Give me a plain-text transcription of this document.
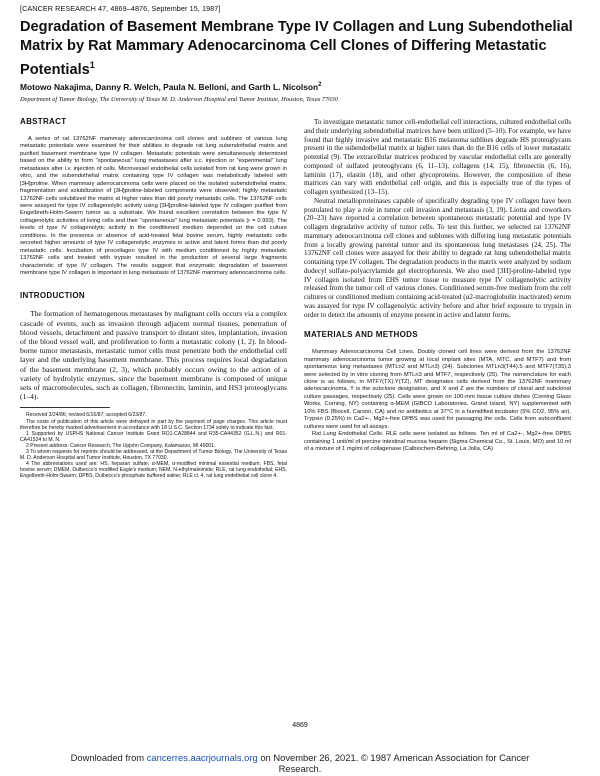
[CANCER RESEARCH 47, 4869–4876, September 15, 1987]
Degradation of Basement Membrane Type IV Collagen and Lung Subendothelial Matrix by Rat Mammary Adenocarcinoma Cell Clones of Differing Metastatic Potentials$^1$
Motowo Nakajima, Danny R. Welch, Paula N. Belloni, and Garth L. Nicolson$^2$
Department of Tumor Biology, The University of Texas M. D. Anderson Hospital and Tumor Institute, Houston, Texas 77030
ABSTRACT

A series of rat 13762NF mammary adenocarcinoma cell clones and sublines of various lung metastatic potentials were examined for their abilities to degrade rat lung subendothelial matrix and purified basement membrane type IV collagen. Metastatic potentials were simultaneously determined based on the ability to form "spontaneous" lung metastases after s.c. injection or "experimental" lung metastases after i.v. injection of cells. Microvessel endothelial cells isolated from rat lung were grown in vitro, and the subendothelial matrix containing type IV collagen was metabolically labeled with [3H]proline. When mammary adenocarcinoma cells were placed on the isolated subendothelial matrix, fragmentation and solubilization of [3H]proline-labeled components were observed; highly metastatic 13762NF cells solubilized the matrix at higher rates than did poorly metastatic cells. The 13762NF cells were assayed for type IV collagenolytic activity using [3H]proline-labeled type IV collagen purified from Engelbreth-Holm-Swarm tumor as a substrate. We found excellent correlation between the type IV collagenolytic activities of living cells and their "spontaneous" lung metastatic potentials (r = 0.993). The levels of type IV collagenolytic activity in the conditioned medium depended on the cell culture conditions. In the presence or absence of acid-treated fetal bovine serum, highly metastatic cells secreted higher amounts of type IV collagenolytic enzymes in active and latent forms than did poorly metastatic cells. Incubation of procollagen type IV with medium conditioned by highly metastatic 13762NF cells and treated with trypsin resulted in the production of several large fragments characteristic of type IV collagen. The results suggest that enzymatic degradation of basement membrane type IV collagen is important in lung metastasis of 13762NF mammary adenocarcinoma cells.

INTRODUCTION

The formation of hematogenous metastases by malignant cells occurs via a complex cascade of events, such as invasion through adjacent normal tissues, penetration of blood vessels, detachment and passive transport to distant sites, implantation, invasion of the blood vessel wall, and proliferation to form a metastatic colony (1, 2). In blood-borne tumor metastasis, metastatic tumor cells must penetrate both the endothelial cell layer and the underlying basement membrane. This process requires local degradation of the basement membrane (2, 3), which probably occurs owing to the action of a variety of hydrolytic enzymes, since the basement membrane is composed of unique sets of macromolecules, such as collagen, fibronectin, laminin, and HS3 proteoglycans (1–4).

Received 3/24/86; revised 6/16/87; accepted 6/23/87.

The costs of publication of this article were defrayed in part by the payment of page charges. This article must therefore be hereby marked advertisement in accordance with 18 U.S.C. Section 1734 solely to indicate this fact.

1 Supported by USPHS National Cancer Institute Grant RO1-CA28844 and R35-CA44352 (G.L.N.) and R01-CA41524 to M. N.

2 Present address: Cancer Research, The Upjohn Company, Kalamazoo, MI 49001.

3 To whom requests for reprints should be addressed, at the Department of Tumor Biology, The University of Texas M. D. Anderson Hospital and Tumor Institute, Houston, TX 77030.

4 The abbreviations used are: HS, heparan sulfate; α-MEM, α-modified minimal essential medium; FBS, fetal bovine serum; DMEM, Dulbecco's modified Eagle's medium; NEM, N-ethylmaleimide; RLE, rat lung endothelial; EHS, Engelbreth-Holm-Swarm; DPBS, Dulbecco's phosphate buffered saline; RLE cl. 4, rat lung endothelial cell clone 4.

To investigate metastatic tumor cell-endothelial cell interactions, cultured endothelial cells and their underlying subendothelial matrices have been utilized (5–10). For example, we have found that highly invasive and metastatic B16 melanoma sublines degrade HS proteoglycans present in the subendothelial matrix at higher rates than do the B16 cells of lower metastatic potential (9). The extracellular matrices produced by vascular endothelial cells are generally composed of sulfated proteoglycans (6, 11–13), collagens (14, 15), fibronectin (6, 16), laminin (17), elastin (18), and other glycoproteins. However, the composition of these matrices can vary with endothelial cell origin, and this is especially true of the types of collagen synthesized (13–15).

Neutral metalloproteinases capable of specifically degrading type IV collagen have been postulated to play a role in tumor cell invasion and metastasis (3, 19). Liotta and coworkers (20–23) have reported a correlation between spontaneous metastatic potential and type IV collagen degradative activity of tumor cells. To test this further, we selected rat 13762NF mammary adenocarcinoma cell clones and sublones with differing lung metastatic potentials from a locally growing parental tumor and its spontaneous lung metastases (24, 25). The 13762NF cell clones were assayed for their ability to degrade rat lung subendothelial matrix containing type IV collagen. The degradation products in the matrix were analyzed by sodium dodecyl sulfate-polyacrylamide gel electrophoresis. We also used [3H]-proline-labeled type IV collagen isolated from EHS tumor tissue to measure type IV collagenolytic activity released from the tumor cell of various clones. Conditioned serum-free medium from the cell cultures or conditioned medium containing acid-treated (α2-macroglobulin inactivated) serum was assayed for type IV collagenolytic activity before and after brief exposure to trypsin in order to detect the amounts of enzyme present in active and latent forms.

MATERIALS AND METHODS

Mammary Adenocarcinoma Cell Lines. Doubly cloned cell lines were derived from the 13762NF mammary adenocarcinoma tumor growing at local implant sites (MTA, MTC, and MTF7) and from spontaneous lung metastases (MTLn2 and MTLn3) (24). Subclones MTLn3(T44).5 and MTF7(T35).3 were selected by in vitro cloning from MTLn3 and MTF7, respectively (25). The nomenclature for each clone is as follows, in MTF7(TX).Y(TZ), MT designates cells derived from the 13762NF mammary adenocarcinoma, Y is the subclone designation, and X and Z are the numbers of clonal and subclonal culture passages, respectively (25). Cells were grown on 100-mm tissue culture dishes (Corning Glass Works, Corning, NY) containing α-MEM (GIBCO Laboratories, Grand Island, NY) supplemented with 10% FBS (Biocell, Carson, CA) and no antibiotics at 37°C in a humidified incubator (5% CO2, 95% air). Trypsin (0.25%) in Ca2+-, Mg2+-free DPBS was used for passaging the cells. Cells from subconfluent cultures were used for all assays.

Rat Lung Endothelial Cells. RLE cells were isolated as follows. Ten ml of Ca2+-, Mg2+-free DPBS containing 1 unit/ml of porcine intestinal mucosa heparin (Sigma Chemical Co., St. Louis, MO) and 10 ml of a mixture of 1 mg/ml of collagenase (Calbiochem-Behring, La Jolla, CA)

4869
Downloaded from cancerres.aacrjournals.org on November 26, 2021. © 1987 American Association for Cancer
Research.
